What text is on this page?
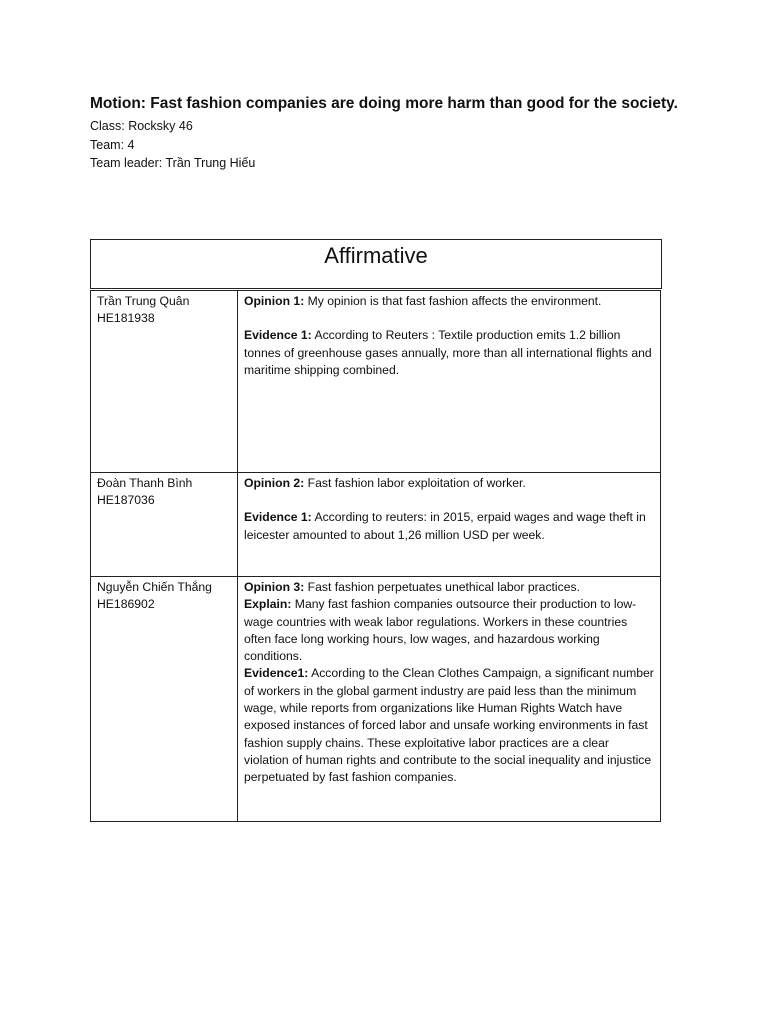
Motion: Fast fashion companies are doing more harm than good for the society.

Class: Rocksky 46

Team: 4

Team leader: Trần Trung Hiếu

Affirmative
Trần Trung Quân
HE181938	Opinion 1: My opinion is that fast fashion affects the environment.
Evidence 1: According to Reuters : Textile production emits 1.2 billion tonnes of greenhouse gases annually, more than all international flights and maritime shipping combined.
Đoàn Thanh Bình
HE187036	Opinion 2: Fast fashion labor exploitation of worker.
Evidence 1: According to reuters: in 2015, erpaid wages and wage theft in leicester amounted to about 1,26 million USD per week.
Nguyễn Chiến Thắng
HE186902	Opinion 3: Fast fashion perpetuates unethical labor practices.
Explain: Many fast fashion companies outsource their production to low-wage countries with weak labor regulations. Workers in these countries often face long working hours, low wages, and hazardous working conditions.
Evidence1: According to the Clean Clothes Campaign, a significant number of workers in the global garment industry are paid less than the minimum wage, while reports from organizations like Human Rights Watch have exposed instances of forced labor and unsafe working environments in fast fashion supply chains. These exploitative labor practices are a clear violation of human rights and contribute to the social inequality and injustice perpetuated by fast fashion companies.
